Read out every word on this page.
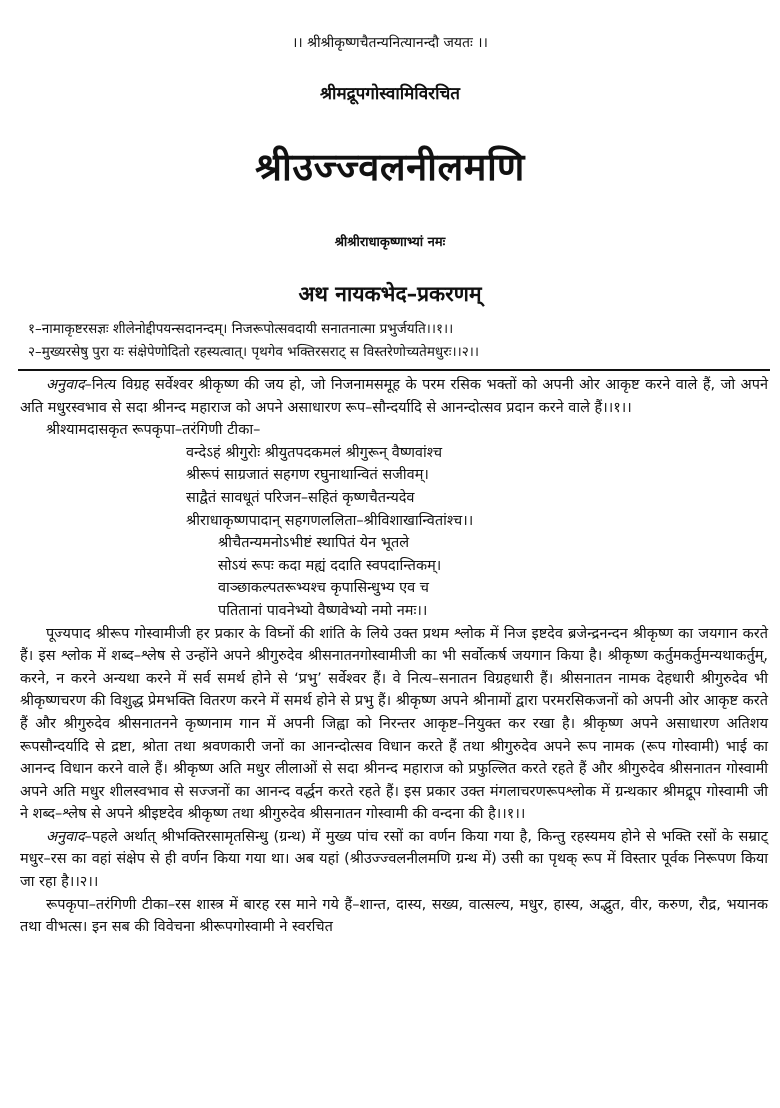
।। श्रीश्रीकृष्णचैतन्यनित्यानन्दौ जयतः ।।
श्रीमद्रूपगोस्वामिविरचित
श्रीउज्ज्वलनीलमणि
श्रीश्रीराधाकृष्णाभ्यां नमः
अथ नायकभेद–प्रकरणम्
१–नामाकृष्टरसज्ञः शीलेनोद्दीपयन्सदानन्दम्। निजरूपोत्सवदायी सनातनात्मा प्रभुर्जयति।।१।।
२–मुख्यरसेषु पुरा यः संक्षेपेणोदितो रहस्यत्वात्। पृथगेव भक्तिरसराट् स विस्तरेणोच्यतेमधुरः।।२।।

अनुवाद–नित्य विग्रह सर्वेश्वर श्रीकृष्ण की जय हो, जो निजनामसमूह के परम रसिक भक्तों को अपनी ओर आकृष्ट करने वाले हैं, जो अपने अति मधुरस्वभाव से सदा श्रीनन्द महाराज को अपने असाधारण रूप–सौन्दर्यादि से आनन्दोत्सव प्रदान करने वाले हैं।।१।।

श्रीश्यामदासकृत रूपकृपा–तरंगिणी टीका–

वन्देऽहं श्रीगुरोः श्रीयुतपदकमलं श्रीगुरून् वैष्णवांश्च
श्रीरूपं साग्रजातं सहगण रघुनाथान्वितं सजीवम्।
साद्वैतं सावधूतं परिजन–सहितं कृष्णचैतन्यदेव
श्रीराधाकृष्णपादान् सहगणललिता–श्रीविशाखान्वितांश्च।।
श्रीचैतन्यमनोऽभीष्टं स्थापितं येन भूतले
सोऽयं रूपः कदा मह्यं ददाति स्वपदान्तिकम्।
वाञ्छाकल्पतरूभ्यश्च कृपासिन्धुभ्य एव च
पतितानां पावनेभ्यो वैष्णवेभ्यो नमो नमः।।

पूज्यपाद श्रीरूप गोस्वामीजी हर प्रकार के विघ्नों की शांति के लिये उक्त प्रथम श्लोक में निज इष्टदेव ब्रजेन्द्रनन्दन श्रीकृष्ण का जयगान करते हैं। इस श्लोक में शब्द–श्लेष से उन्होंने अपने श्रीगुरुदेव श्रीसनातनगोस्वामीजी का भी सर्वोत्कर्ष जयगान किया है। श्रीकृष्ण कर्तुमकर्तुमन्यथाकर्तुम्, करने, न करने अन्यथा करने में सर्व समर्थ होने से ‘प्रभु’ सर्वेश्वर हैं। वे नित्य–सनातन विग्रहधारी हैं। श्रीसनातन नामक देहधारी श्रीगुरुदेव भी श्रीकृष्णचरण की विशुद्ध प्रेमभक्ति वितरण करने में समर्थ होने से प्रभु हैं। श्रीकृष्ण अपने श्रीनामों द्वारा परमरसिकजनों को अपनी ओर आकृष्ट करते हैं और श्रीगुरुदेव श्रीसनातनने कृष्णनाम गान में अपनी जिह्वा को निरन्तर आकृष्ट–नियुक्त कर रखा है। श्रीकृष्ण अपने असाधारण अतिशय रूपसौन्दर्यादि से द्रष्टा, श्रोता तथा श्रवणकारी जनों का आनन्दोत्सव विधान करते हैं तथा श्रीगुरुदेव अपने रूप नामक (रूप गोस्वामी) भाई का आनन्द विधान करने वाले हैं। श्रीकृष्ण अति मधुर लीलाओं से सदा श्रीनन्द महाराज को प्रफुल्लित करते रहते हैं और श्रीगुरुदेव श्रीसनातन गोस्वामी अपने अति मधुर शीलस्वभाव से सज्जनों का आनन्द वर्द्धन करते रहते हैं। इस प्रकार उक्त मंगलाचरणरूपश्लोक में ग्रन्थकार श्रीमद्रूप गोस्वामी जी ने शब्द–श्लेष से अपने श्रीइष्टदेव श्रीकृष्ण तथा श्रीगुरुदेव श्रीसनातन गोस्वामी की वन्दना की है।।१।।

अनुवाद–पहले अर्थात् श्रीभक्तिरसामृतसिन्धु (ग्रन्थ) में मुख्य पांच रसों का वर्णन किया गया है, किन्तु रहस्यमय होने से भक्ति रसों के सम्राट् मधुर–रस का वहां संक्षेप से ही वर्णन किया गया था। अब यहां (श्रीउज्ज्वलनीलमणि ग्रन्थ में) उसी का पृथक् रूप में विस्तार पूर्वक निरूपण किया जा रहा है।।२।।

रूपकृपा–तरंगिणी टीका–रस शास्त्र में बारह रस माने गये हैं–शान्त, दास्य, सख्य, वात्सल्य, मधुर, हास्य, अद्भुत, वीर, करुण, रौद्र, भयानक तथा वीभत्स। इन सब की विवेचना श्रीरूपगोस्वामी ने स्वरचित
